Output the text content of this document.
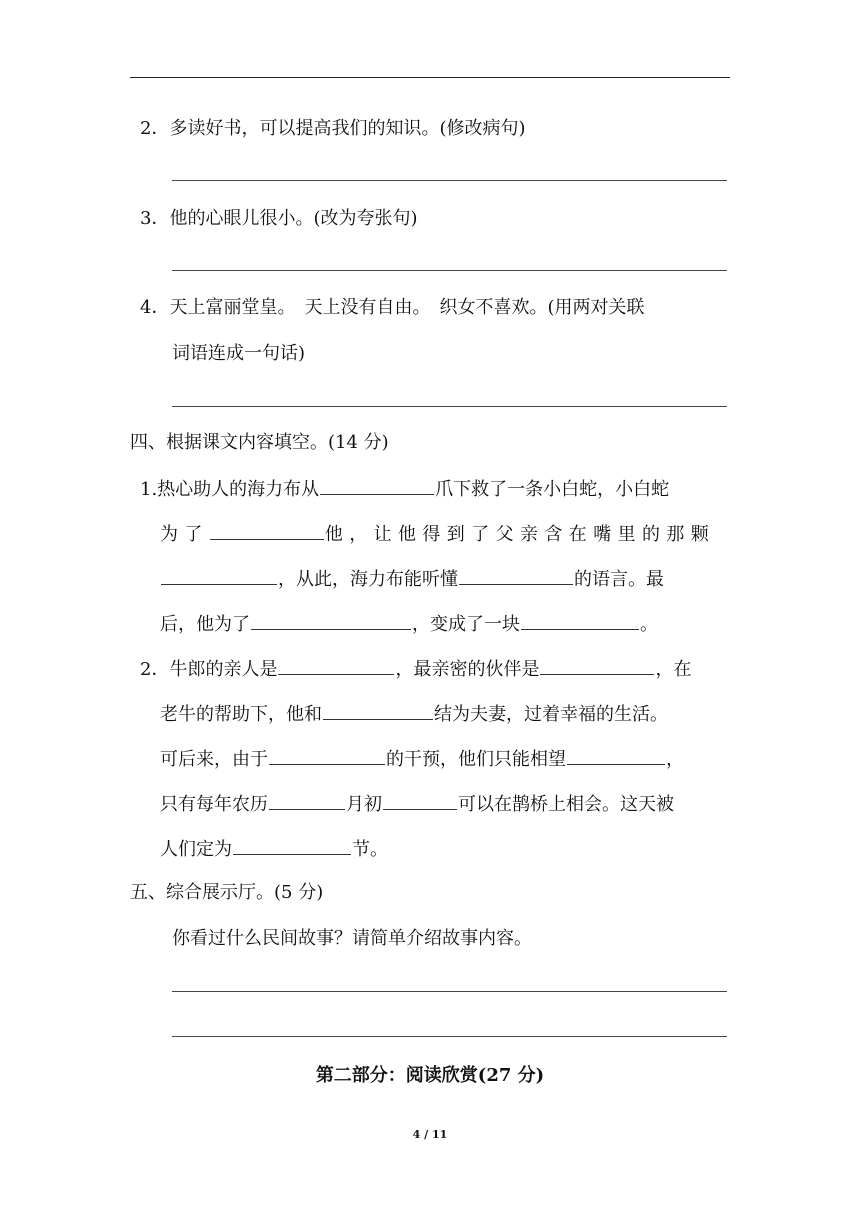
2．多读好书，可以提高我们的知识。(修改病句)
3．他的心眼儿很小。(改为夸张句)
4．天上富丽堂皇。　天上没有自由。　织女不喜欢。(用两对关联
词语连成一句话)
四、根据课文内容填空。(14 分)
1.热心助人的海力布从	爪下救了一条小白蛇，小白蛇
为了	他，让他得到了父亲含在嘴里的那颗
，从此，海力布能听懂	的语言。最
后，他为了	，变成了一块	。
2．牛郎的亲人是	，最亲密的伙伴是	，在
老牛的帮助下，他和	结为夫妻，过着幸福的生活。
可后来，由于	的干预，他们只能相望	，
只有每年农历	月初	可以在鹊桥上相会。这天被
人们定为	节。
五、综合展示厅。(5 分)
你看过什么民间故事？请简单介绍故事内容。
第二部分：阅读欣赏(27 分)
4 / 11
